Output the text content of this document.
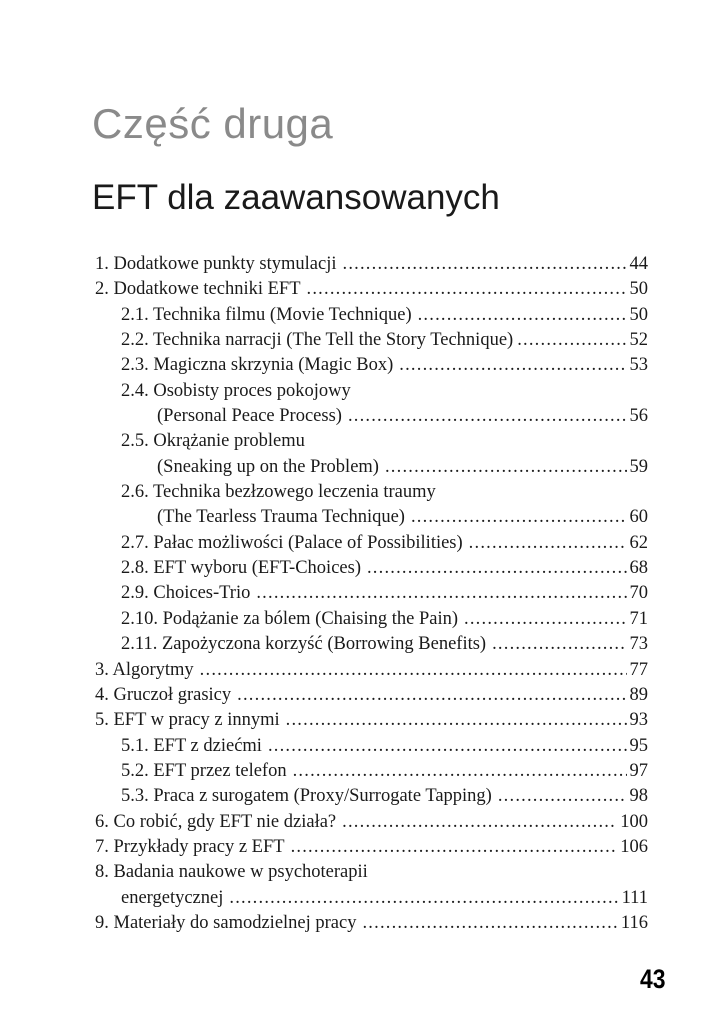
Część druga
EFT dla zaawansowanych
1. Dodatkowe punkty stymulacji .....	44
2. Dodatkowe techniki EFT .....	50
2.1. Technika filmu (Movie Technique) .....	50
2.2. Technika narracji (The Tell the Story Technique) .....	52
2.3. Magiczna skrzynia (Magic Box) .....	53
2.4. Osobisty proces pokojowy
(Personal Peace Process) .....	56
2.5. Okrążanie problemu
(Sneaking up on the Problem) .....	59
2.6. Technika bezłzowego leczenia traumy
(The Tearless Trauma Technique) .....	60
2.7. Pałac możliwości (Palace of Possibilities) .....	62
2.8. EFT wyboru (EFT-Choices) .....	68
2.9. Choices-Trio .....	70
2.10. Podążanie za bólem (Chaising the Pain) .....	71
2.11. Zapożyczona korzyść (Borrowing Benefits) .....	73
3. Algorytmy .....	77
4. Gruczoł grasicy .....	89
5. EFT w pracy z innymi .....	93
5.1. EFT z dziećmi .....	95
5.2. EFT przez telefon .....	97
5.3. Praca z surogatem (Proxy/Surrogate Tapping) .....	98
6. Co robić, gdy EFT nie działa? .....	100
7. Przykłady pracy z EFT .....	106
8. Badania naukowe w psychoterapii
energetycznej .....	111
9. Materiały do samodzielnej pracy .....	116
43
